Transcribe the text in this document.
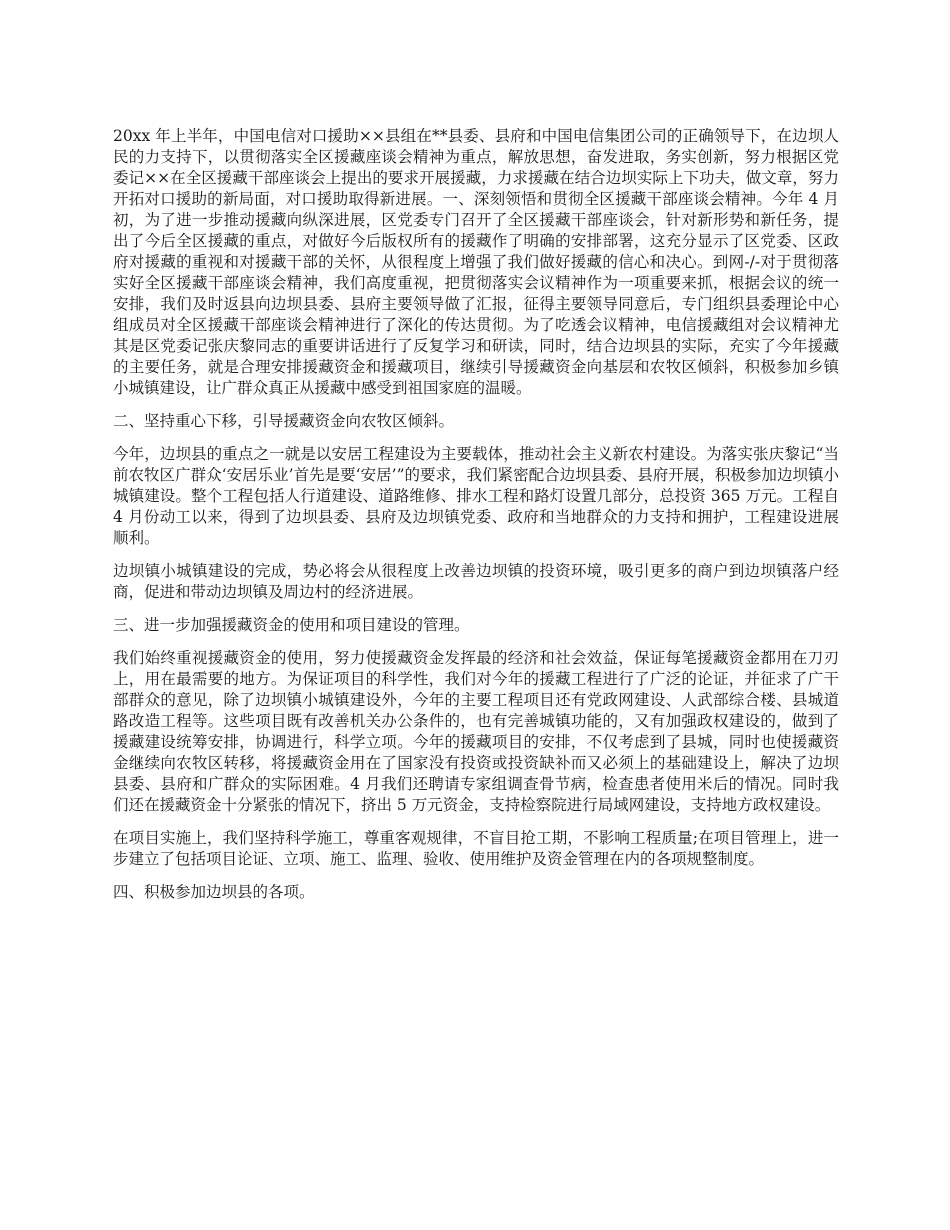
20xx 年上半年，中国电信对口援助××县组在**县委、县府和中国电信集团公司的正确领导下，在边坝人民的力支持下，以贯彻落实全区援藏座谈会精神为重点，解放思想，奋发进取，务实创新，努力根据区党委记××在全区援藏干部座谈会上提出的要求开展援藏，力求援藏在结合边坝实际上下功夫，做文章，努力开拓对口援助的新局面，对口援助取得新进展。一、深刻领悟和贯彻全区援藏干部座谈会精神。今年 4 月初，为了进一步推动援藏向纵深进展，区党委专门召开了全区援藏干部座谈会，针对新形势和新任务，提出了今后全区援藏的重点，对做好今后版权所有的援藏作了明确的安排部署，这充分显示了区党委、区政府对援藏的重视和对援藏干部的关怀，从很程度上增强了我们做好援藏的信心和决心。到网-/-对于贯彻落实好全区援藏干部座谈会精神，我们高度重视，把贯彻落实会议精神作为一项重要来抓，根据会议的统一安排，我们及时返县向边坝县委、县府主要领导做了汇报，征得主要领导同意后，专门组织县委理论中心组成员对全区援藏干部座谈会精神进行了深化的传达贯彻。为了吃透会议精神，电信援藏组对会议精神尤其是区党委记张庆黎同志的重要讲话进行了反复学习和研读，同时，结合边坝县的实际，充实了今年援藏的主要任务，就是合理安排援藏资金和援藏项目，继续引导援藏资金向基层和农牧区倾斜，积极参加乡镇小城镇建设，让广群众真正从援藏中感受到祖国家庭的温暖。

二、坚持重心下移，引导援藏资金向农牧区倾斜。

今年，边坝县的重点之一就是以安居工程建设为主要载体，推动社会主义新农村建设。为落实张庆黎记“当前农牧区广群众‘安居乐业’首先是要‘安居’”的要求，我们紧密配合边坝县委、县府开展，积极参加边坝镇小城镇建设。整个工程包括人行道建设、道路维修、排水工程和路灯设置几部分，总投资 365 万元。工程自 4 月份动工以来，得到了边坝县委、县府及边坝镇党委、政府和当地群众的力支持和拥护，工程建设进展顺利。

边坝镇小城镇建设的完成，势必将会从很程度上改善边坝镇的投资环境，吸引更多的商户到边坝镇落户经商，促进和带动边坝镇及周边村的经济进展。

三、进一步加强援藏资金的使用和项目建设的管理。

我们始终重视援藏资金的使用，努力使援藏资金发挥最的经济和社会效益，保证每笔援藏资金都用在刀刃上，用在最需要的地方。为保证项目的科学性，我们对今年的援藏工程进行了广泛的论证，并征求了广干部群众的意见，除了边坝镇小城镇建设外，今年的主要工程项目还有党政网建设、人武部综合楼、县城道路改造工程等。这些项目既有改善机关办公条件的，也有完善城镇功能的，又有加强政权建设的，做到了援藏建设统筹安排，协调进行，科学立项。今年的援藏项目的安排，不仅考虑到了县城，同时也使援藏资金继续向农牧区转移，将援藏资金用在了国家没有投资或投资缺补而又必须上的基础建设上，解决了边坝县委、县府和广群众的实际困难。4 月我们还聘请专家组调查骨节病，检查患者使用米后的情况。同时我们还在援藏资金十分紧张的情况下，挤出 5 万元资金，支持检察院进行局域网建设，支持地方政权建设。

在项目实施上，我们坚持科学施工，尊重客观规律，不盲目抢工期，不影响工程质量;在项目管理上，进一步建立了包括项目论证、立项、施工、监理、验收、使用维护及资金管理在内的各项规整制度。

四、积极参加边坝县的各项。
